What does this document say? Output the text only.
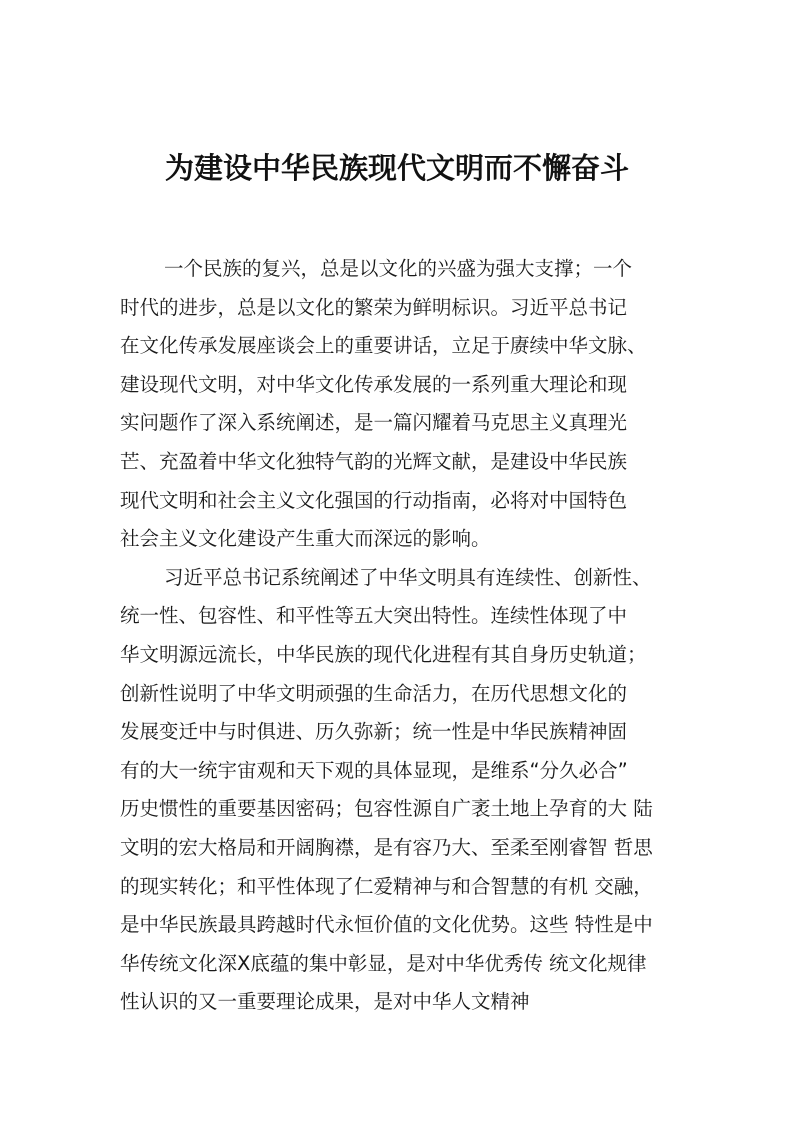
为建设中华民族现代文明而不懈奋斗
一个民族的复兴，总是以文化的兴盛为强大支撑；一个
时代的进步，总是以文化的繁荣为鲜明标识。习近平总书记
在文化传承发展座谈会上的重要讲话，立足于赓续中华文脉、
建设现代文明，对中华文化传承发展的一系列重大理论和现
实问题作了深入系统阐述，是一篇闪耀着马克思主义真理光
芒、充盈着中华文化独特气韵的光辉文献，是建设中华民族
现代文明和社会主义文化强国的行动指南，必将对中国特色
社会主义文化建设产生重大而深远的影响。
习近平总书记系统阐述了中华文明具有连续性、创新性、
统一性、包容性、和平性等五大突出特性。连续性体现了中
华文明源远流长，中华民族的现代化进程有其自身历史轨道；
创新性说明了中华文明顽强的生命活力，在历代思想文化的
发展变迁中与时俱进、历久弥新；统一性是中华民族精神固
有的大一统宇宙观和天下观的具体显现，是维系“分久必合”
历史惯性的重要基因密码；包容性源自广袤土地上孕育的大 陆
文明的宏大格局和开阔胸襟，是有容乃大、至柔至刚睿智 哲思
的现实转化；和平性体现了仁爱精神与和合智慧的有机 交融，
是中华民族最具跨越时代永恒价值的文化优势。这些 特性是中
华传统文化深X底蕴的集中彰显，是对中华优秀传 统文化规律
性认识的又一重要理论成果，是对中华人文精神
